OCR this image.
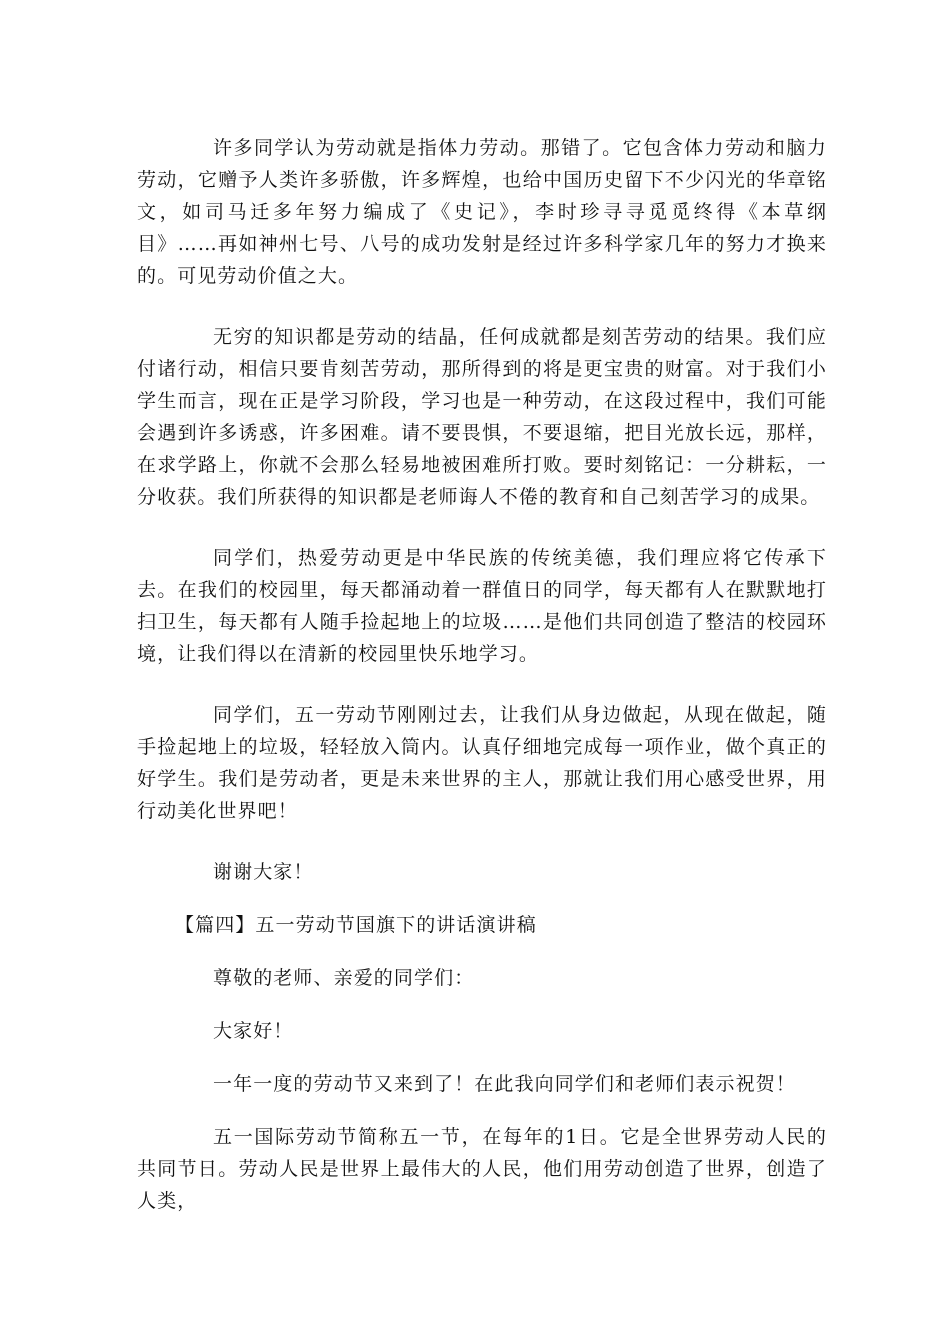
许多同学认为劳动就是指体力劳动。那错了。它包含体力劳动和脑力劳动，它赠予人类许多骄傲，许多辉煌，也给中国历史留下不少闪光的华章铭文，如司马迁多年努力编成了《史记》，李时珍寻寻觅觅终得《本草纲目》……再如神州七号、八号的成功发射是经过许多科学家几年的努力才换来的。可见劳动价值之大。

无穷的知识都是劳动的结晶，任何成就都是刻苦劳动的结果。我们应付诸行动，相信只要肯刻苦劳动，那所得到的将是更宝贵的财富。对于我们小学生而言，现在正是学习阶段，学习也是一种劳动，在这段过程中，我们可能会遇到许多诱惑，许多困难。请不要畏惧，不要退缩，把目光放长远，那样，在求学路上，你就不会那么轻易地被困难所打败。要时刻铭记：一分耕耘，一分收获。我们所获得的知识都是老师诲人不倦的教育和自己刻苦学习的成果。

同学们，热爱劳动更是中华民族的传统美德，我们理应将它传承下去。在我们的校园里，每天都涌动着一群值日的同学，每天都有人在默默地打扫卫生，每天都有人随手捡起地上的垃圾……是他们共同创造了整洁的校园环境，让我们得以在清新的校园里快乐地学习。

同学们，五一劳动节刚刚过去，让我们从身边做起，从现在做起，随手捡起地上的垃圾，轻轻放入筒内。认真仔细地完成每一项作业，做个真正的好学生。我们是劳动者，更是未来世界的主人，那就让我们用心感受世界，用行动美化世界吧！

谢谢大家！

【篇四】五一劳动节国旗下的讲话演讲稿

尊敬的老师、亲爱的同学们：

大家好！

一年一度的劳动节又来到了！在此我向同学们和老师们表示祝贺！

五一国际劳动节简称五一节，在每年的1日。它是全世界劳动人民的共同节日。劳动人民是世界上最伟大的人民，他们用劳动创造了世界，创造了人类，
